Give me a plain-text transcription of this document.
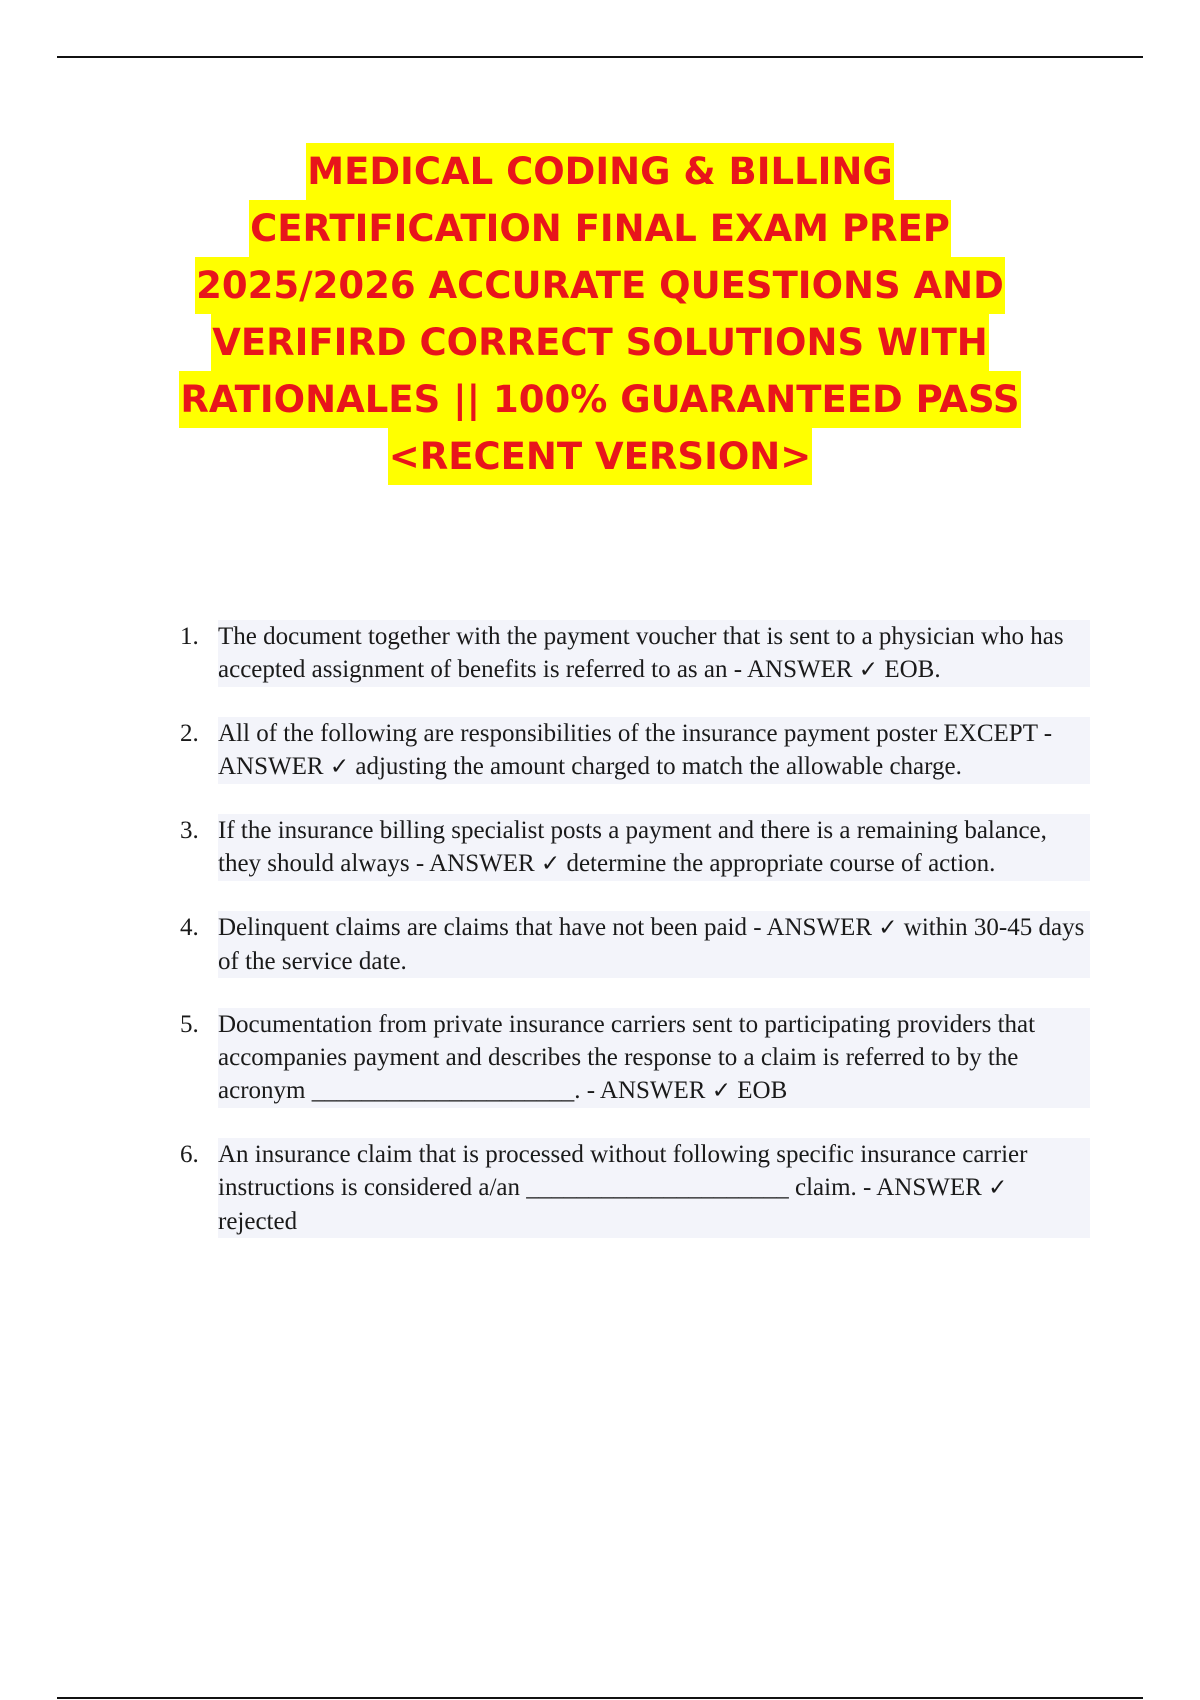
MEDICAL CODING & BILLING
CERTIFICATION FINAL EXAM PREP
2025/2026 ACCURATE QUESTIONS AND
VERIFIRD CORRECT SOLUTIONS WITH
RATIONALES || 100% GUARANTEED PASS
<RECENT VERSION>
1. The document together with the payment voucher that is sent to a physician who has accepted assignment of benefits is referred to as an - ANSWER ✓ EOB.
2. All of the following are responsibilities of the insurance payment poster EXCEPT - ANSWER ✓ adjusting the amount charged to match the allowable charge.
3. If the insurance billing specialist posts a payment and there is a remaining balance, they should always - ANSWER ✓ determine the appropriate course of action.
4. Delinquent claims are claims that have not been paid - ANSWER ✓ within 30-45 days of the service date.
5. Documentation from private insurance carriers sent to participating providers that accompanies payment and describes the response to a claim is referred to by the acronym _____________________. - ANSWER ✓ EOB
6. An insurance claim that is processed without following specific insurance carrier instructions is considered a/an _____________________ claim. - ANSWER ✓ rejected
